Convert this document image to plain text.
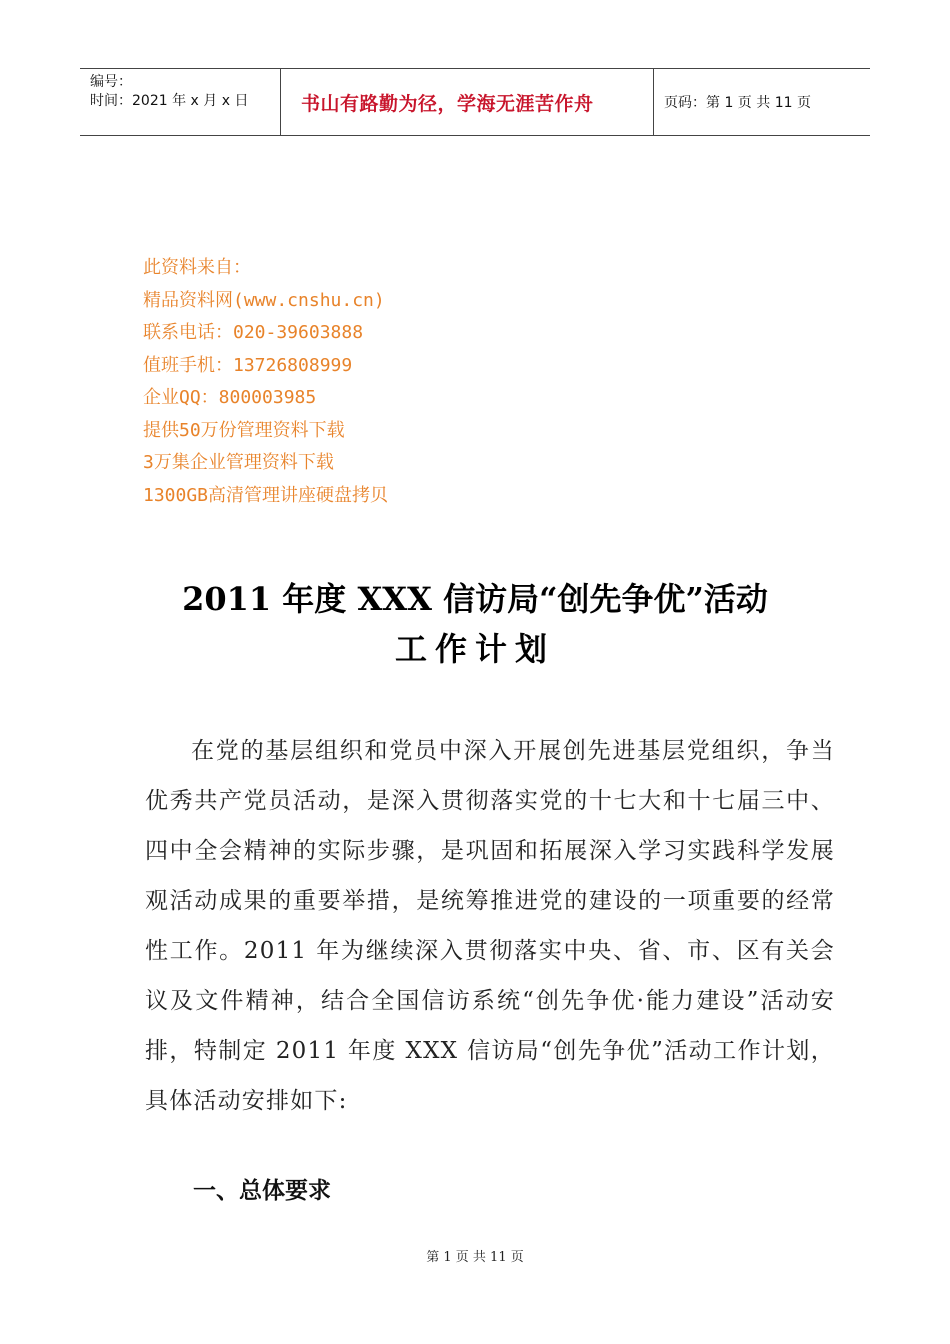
编号：
时间：2021 年 x 月 x 日	书山有路勤为径，学海无涯苦作舟	页码：第 1 页 共 11 页
此资料来自：
精品资料网(www.cnshu.cn)
联系电话：020-39603888
值班手机：13726808999
企业QQ：800003985
提供50万份管理资料下载
3万集企业管理资料下载
1300GB高清管理讲座硬盘拷贝
2011 年度 XXX 信访局“创先争优”活动
工作计划

在党的基层组织和党员中深入开展创先进基层党组织，争当优秀共产党员活动，是深入贯彻落实党的十七大和十七届三中、四中全会精神的实际步骤，是巩固和拓展深入学习实践科学发展观活动成果的重要举措，是统筹推进党的建设的一项重要的经常性工作。2011 年为继续深入贯彻落实中央、省、市、区有关会议及文件精神，结合全国信访系统“创先争优·能力建设”活动安排，特制定 2011 年度 XXX 信访局“创先争优”活动工作计划，具体活动安排如下:

一、总体要求
第 1 页 共 11 页
